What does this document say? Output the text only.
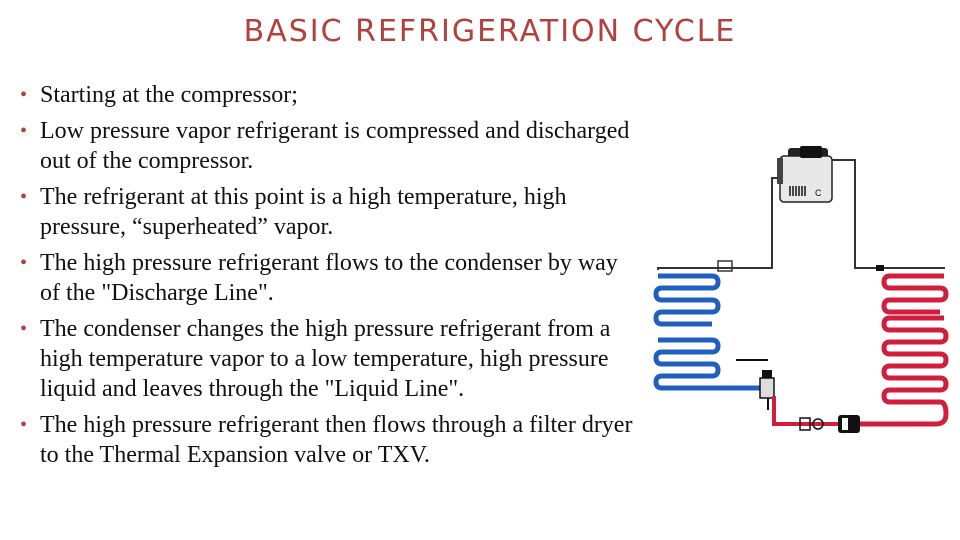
BASIC REFRIGERATION CYCLE
• Starting at the compressor;
• Low pressure vapor refrigerant is compressed and discharged out of the compressor.
• The refrigerant at this point is a high temperature, high pressure, “superheated” vapor.
• The high pressure refrigerant flows to the condenser by way of the "Discharge Line".
• The condenser changes the high pressure refrigerant from a high temperature vapor to a low temperature, high pressure liquid and leaves through the "Liquid Line".
• The high pressure refrigerant then flows through a filter dryer to the Thermal Expansion valve or TXV.
C
